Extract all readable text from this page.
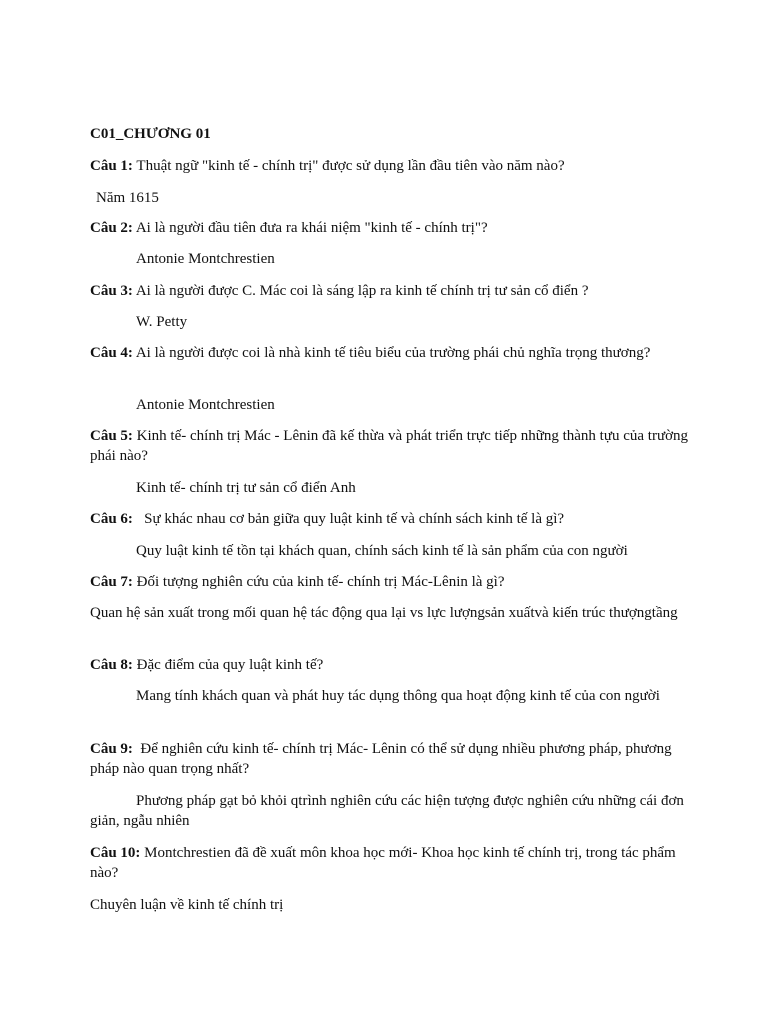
C01_CHƯƠNG 01

Câu 1: Thuật ngữ "kinh tế - chính trị" được sử dụng lần đầu tiên vào năm nào?

Năm 1615

Câu 2: Ai là người đầu tiên đưa ra khái niệm "kinh tế - chính trị"?

Antonie Montchrestien

Câu 3: Ai là người được C. Mác coi là sáng lập ra kinh tế chính trị tư sản cổ điển ?

W. Petty

Câu 4: Ai là người được coi là nhà kinh tế tiêu biểu của trường phái chủ nghĩa trọng thương?

Antonie Montchrestien

Câu 5: Kinh tế- chính trị Mác - Lênin đã kế thừa và phát triển trực tiếp những thành tựu của trường phái nào?

Kinh tế- chính trị tư sản cổ điển Anh

Câu 6:   Sự khác nhau cơ bản giữa quy luật kinh tế và chính sách kinh tế là gì?

Quy luật kinh tế tồn tại khách quan, chính sách kinh tế là sản phẩm của con người

Câu 7: Đối tượng nghiên cứu của kinh tế- chính trị Mác-Lênin là gì?

Quan hệ sản xuất trong mối quan hệ tác động qua lại vs lực lượngsản xuấtvà kiến trúc thượngtầng

Câu 8: Đặc điểm của quy luật kinh tế?

Mang tính khách quan và phát huy tác dụng thông qua hoạt động kinh tế của con người

Câu 9:  Để nghiên cứu kinh tế- chính trị Mác- Lênin có thể sử dụng nhiều phương pháp, phương pháp nào quan trọng nhất?

Phương pháp gạt bỏ khỏi qtrình nghiên cứu các hiện tượng được nghiên cứu những cái đơn giản, ngẫu nhiên

Câu 10: Montchrestien đã đề xuất môn khoa học mới- Khoa học kinh tế chính trị, trong tác phẩm nào?

Chuyên luận về kinh tế chính trị
